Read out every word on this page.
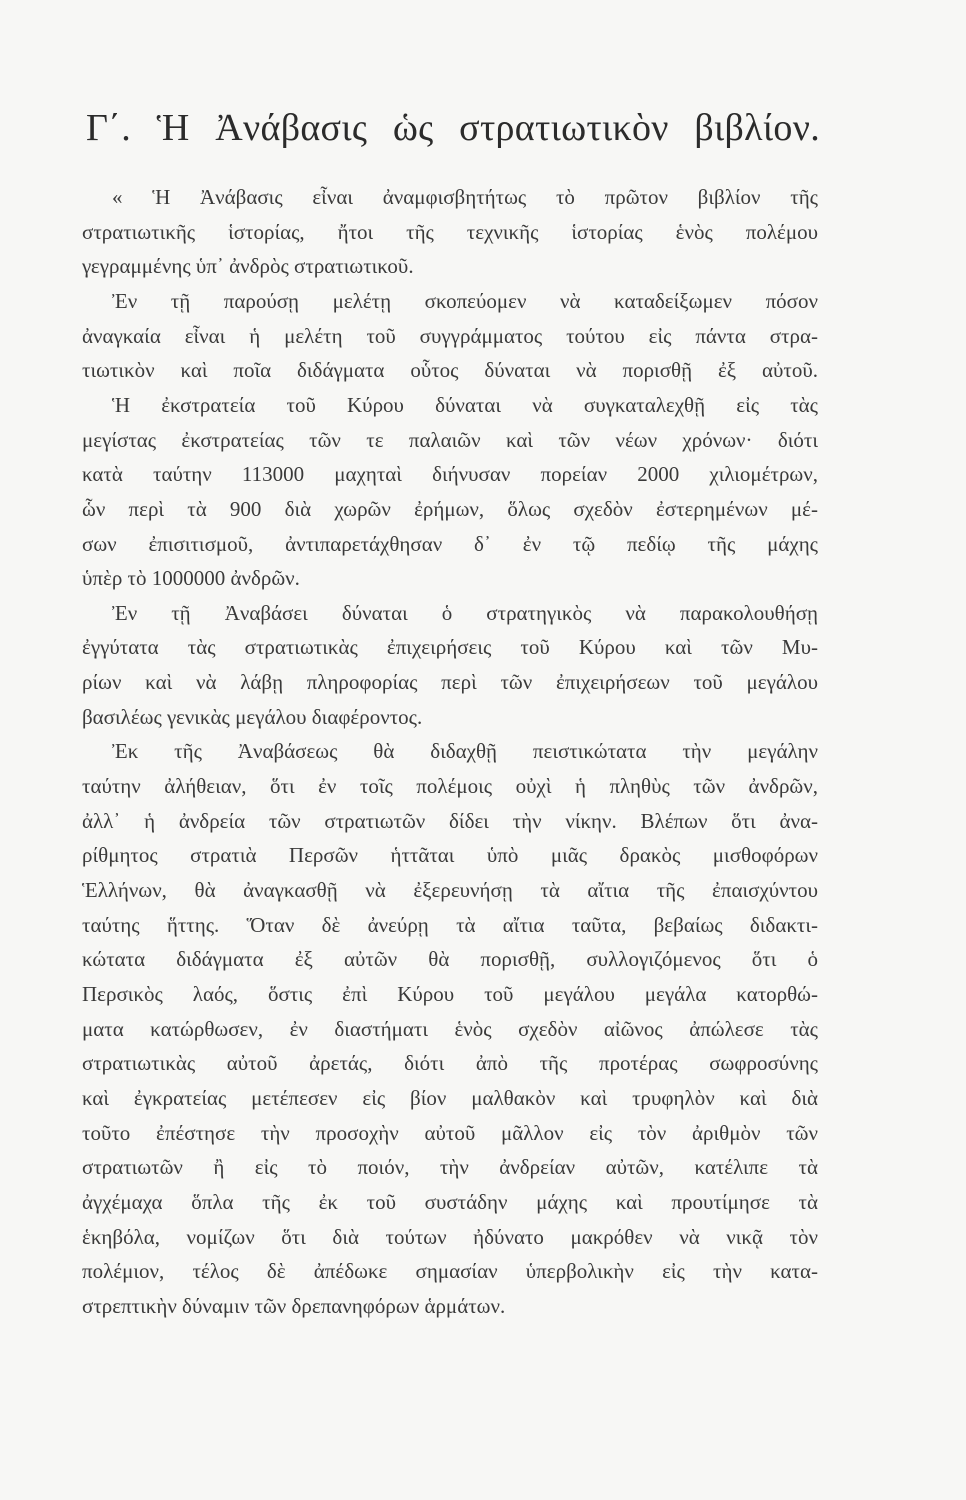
Γ΄. Ἡ Ἀνάβασις ὡς στρατιωτικὸν βιβλίον.
« Ἡ Ἀνάβασις εἶναι ἀναμφισβητήτως τὸ πρῶτον βιβλίον τῆς
στρατιωτικῆς ἱστορίας, ἤτοι τῆς τεχνικῆς ἱστορίας ἑνὸς πολέμου
γεγραμμένης ὑπ᾿ ἀνδρὸς στρατιωτικοῦ.
Ἐν τῇ παρούσῃ μελέτῃ σκοπεύομεν νὰ καταδείξωμεν πόσον
ἀναγκαία εἶναι ἡ μελέτη τοῦ συγγράμματος τούτου εἰς πάντα στρα-
τιωτικὸν καὶ ποῖα διδάγματα οὗτος δύναται νὰ πορισθῇ ἐξ αὐτοῦ.
Ἡ ἐκστρατεία τοῦ Κύρου δύναται νὰ συγκαταλεχθῇ εἰς τὰς
μεγίστας ἐκστρατείας τῶν τε παλαιῶν καὶ τῶν νέων χρόνων· διότι
κατὰ ταύτην 113000 μαχηταὶ διήνυσαν πορείαν 2000 χιλιομέτρων,
ὧν περὶ τὰ 900 διὰ χωρῶν ἐρήμων, ὅλως σχεδὸν ἐστερημένων μέ-
σων ἐπισιτισμοῦ, ἀντιπαρετάχθησαν δ᾿ ἐν τῷ πεδίῳ τῆς μάχης
ὑπὲρ τὸ 1000000 ἀνδρῶν.
Ἐν τῇ Ἀναβάσει δύναται ὁ στρατηγικὸς νὰ παρακολουθήσῃ
ἐγγύτατα τὰς στρατιωτικὰς ἐπιχειρήσεις τοῦ Κύρου καὶ τῶν Μυ-
ρίων καὶ νὰ λάβῃ πληροφορίας περὶ τῶν ἐπιχειρήσεων τοῦ μεγάλου
βασιλέως γενικὰς μεγάλου διαφέροντος.
Ἐκ τῆς Ἀναβάσεως θὰ διδαχθῇ πειστικώτατα τὴν μεγάλην
ταύτην ἀλήθειαν, ὅτι ἐν τοῖς πολέμοις οὐχὶ ἡ πληθὺς τῶν ἀνδρῶν,
ἀλλ᾿ ἡ ἀνδρεία τῶν στρατιωτῶν δίδει τὴν νίκην. Βλέπων ὅτι ἀνα-
ρίθμητος στρατιὰ Περσῶν ἡττᾶται ὑπὸ μιᾶς δρακὸς μισθοφόρων
Ἑλλήνων, θὰ ἀναγκασθῇ νὰ ἐξερευνήσῃ τὰ αἴτια τῆς ἐπαισχύντου
ταύτης ἥττης. Ὅταν δὲ ἀνεύρῃ τὰ αἴτια ταῦτα, βεβαίως διδακτι-
κώτατα διδάγματα ἐξ αὐτῶν θὰ πορισθῇ, συλλογιζόμενος ὅτι ὁ
Περσικὸς λαός, ὅστις ἐπὶ Κύρου τοῦ μεγάλου μεγάλα κατορθώ-
ματα κατώρθωσεν, ἐν διαστήματι ἑνὸς σχεδὸν αἰῶνος ἀπώλεσε τὰς
στρατιωτικὰς αὐτοῦ ἀρετάς, διότι ἀπὸ τῆς προτέρας σωφροσύνης
καὶ ἐγκρατείας μετέπεσεν εἰς βίον μαλθακὸν καὶ τρυφηλὸν καὶ διὰ
τοῦτο ἐπέστησε τὴν προσοχὴν αὐτοῦ μᾶλλον εἰς τὸν ἀριθμὸν τῶν
στρατιωτῶν ἢ εἰς τὸ ποιόν, τὴν ἀνδρείαν αὐτῶν, κατέλιπε τὰ
ἀγχέμαχα ὅπλα τῆς ἐκ τοῦ συστάδην μάχης καὶ προυτίμησε τὰ
ἑκηβόλα, νομίζων ὅτι διὰ τούτων ἠδύνατο μακρόθεν νὰ νικᾷ τὸν
πολέμιον, τέλος δὲ ἀπέδωκε σημασίαν ὑπερβολικὴν εἰς τὴν κατα-
στρεπτικὴν δύναμιν τῶν δρεπανηφόρων ἁρμάτων.
